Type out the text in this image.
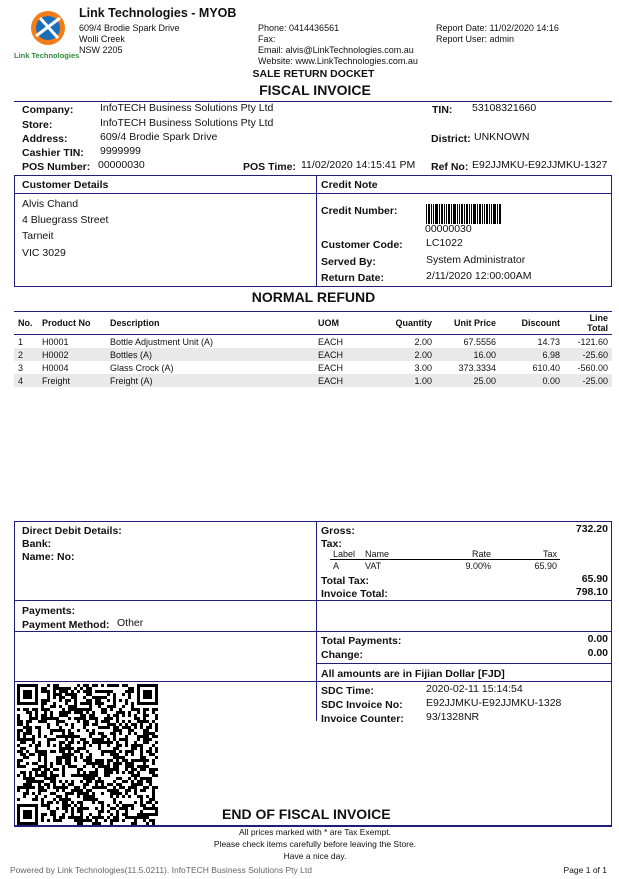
Link Technologies
Link Technologies - MYOB
609/4 Brodie Spark Drive
Wolli Creek
NSW 2205
Phone: 0414436561
Fax:
Email: alvis@LinkTechnologies.com.au
Website: www.LinkTechnologies.com.au
Report Date: 11/02/2020 14:16
Report User: admin
SALE RETURN DOCKET
FISCAL INVOICE
Company:	InfoTECH Business Solutions Pty Ltd
Store:	InfoTECH Business Solutions Pty Ltd
Address:	609/4 Brodie Spark Drive
Cashier TIN: 9999999
POS Number: 00000030	POS Time: 11/02/2020 14:15:41 PM Ref No: E92JJMKU-E92JJMKU-1327
TIN: 53108321660
District: UNKNOWN
Customer Details
Alvis Chand
4 Bluegrass Street
Tarneit
VIC 3029
Credit Note
Credit Number:
00000030
Customer Code: LC1022
Served By:	System Administrator
Return Date:	2/11/2020 12:00:00AM
NORMAL REFUND
No.	Product No	Description	UOM	Quantity	Unit Price	Discount	Line Total
1	H0001	Bottle Adjustment Unit (A)	EACH	2.00	67.5556	14.73	-121.60
2	H0002	Bottles (A)	EACH	2.00	16.00	6.98	-25.60
3	H0004	Glass Crock (A)	EACH	3.00	373.3334	610.40	-560.00
4	Freight	Freight (A)	EACH	1.00	25.00	0.00	-25.00
Direct Debit Details:
Bank:
Name: No:
Gross:	732.20
Tax:
Label	Name	Rate	Tax
A	VAT	9.00%	65.90
Total Tax:	65.90
Invoice Total:	798.10
Payments:
Payment Method: Other
Total Payments:	0.00
Change:	0.00
All amounts are in Fijian Dollar [FJD]
SDC Time:	2020-02-11 15:14:54
SDC Invoice No: E92JJMKU-E92JJMKU-1328
Invoice Counter: 93/1328NR
END OF FISCAL INVOICE
All prices marked with * are Tax Exempt.
Please check items carefully before leaving the Store.
Have a nice day.
Powered by Link Technologies(11.5.0211). InfoTECH Business Solutions Pty Ltd	Page 1 of 1
